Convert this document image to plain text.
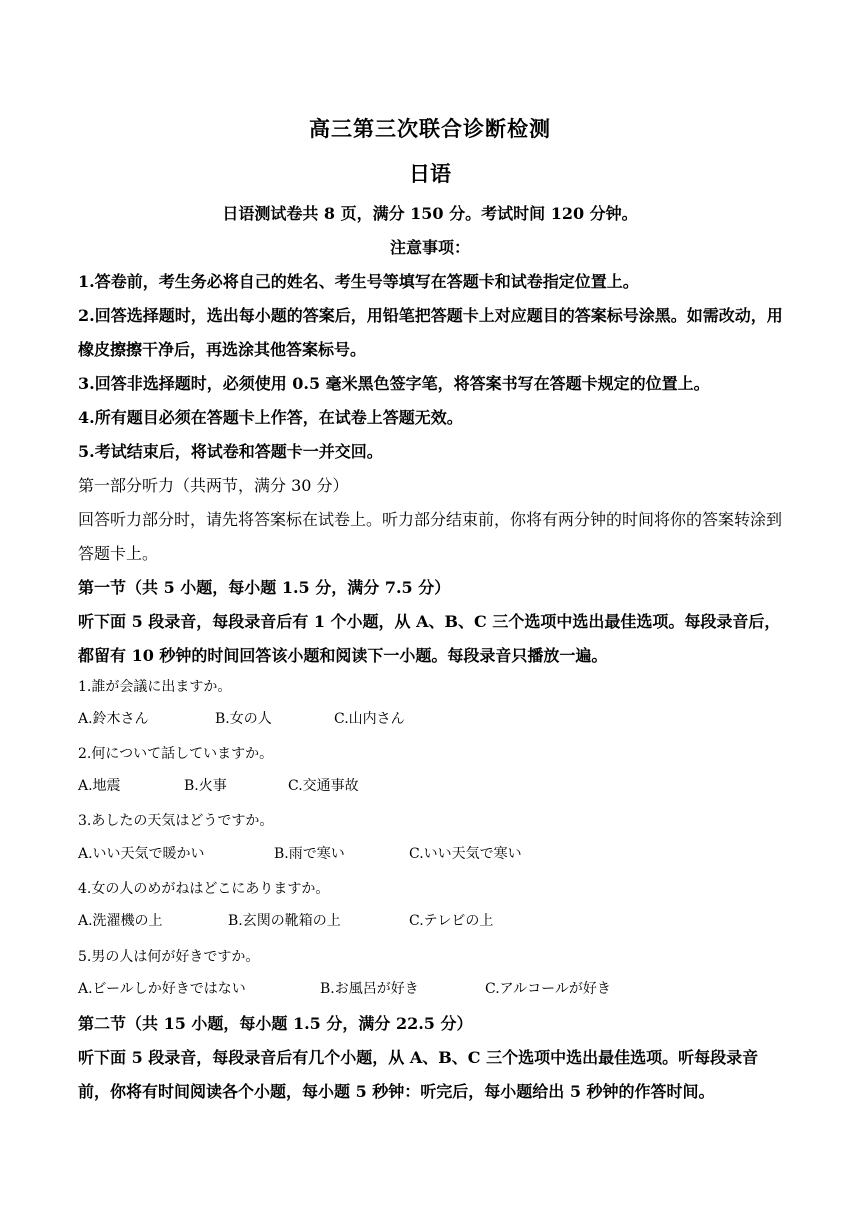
高三第三次联合诊断检测
日语
日语测试卷共 8 页，满分 150 分。考试时间 120 分钟。
注意事项：
1.答卷前，考生务必将自己的姓名、考生号等填写在答题卡和试卷指定位置上。
2.回答选择题时，选出每小题的答案后，用铅笔把答题卡上对应题目的答案标号涂黑。如需改动，用橡皮擦擦干净后，再选涂其他答案标号。
3.回答非选择题时，必须使用 0.5 毫米黑色签字笔，将答案书写在答题卡规定的位置上。
4.所有题目必须在答题卡上作答，在试卷上答题无效。
5.考试结束后，将试卷和答题卡一并交回。
第一部分听力（共两节，满分 30 分）
回答听力部分时，请先将答案标在试卷上。听力部分结束前，你将有两分钟的时间将你的答案转涂到答题卡上。
第一节（共 5 小题，每小题 1.5 分，满分 7.5 分）
听下面 5 段录音，每段录音后有 1 个小题，从 A、B、C 三个选项中选出最佳选项。每段录音后，都留有 10 秒钟的时间回答该小题和阅读下一小题。每段录音只播放一遍。
1.誰が会議に出ますか。
A.鈴木さん	B.女の人	C.山内さん
2.何について話していますか。
A.地震	B.火事	C.交通事故
3.あしたの天気はどうですか。
A.いい天気で暖かい	B.雨で寒い	C.いい天気で寒い
4.女の人のめがねはどこにありますか。
A.洗濯機の上	B.玄関の靴箱の上	C.テレビの上
5.男の人は何が好きですか。
A.ビールしか好きではない	B.お風呂が好き	C.アルコールが好き
第二节（共 15 小题，每小题 1.5 分，满分 22.5 分）
听下面 5 段录音，每段录音后有几个小题，从 A、B、C 三个选项中选出最佳选项。听每段录音前，你将有时间阅读各个小题，每小题 5 秒钟：听完后，每小题给出 5 秒钟的作答时间。
